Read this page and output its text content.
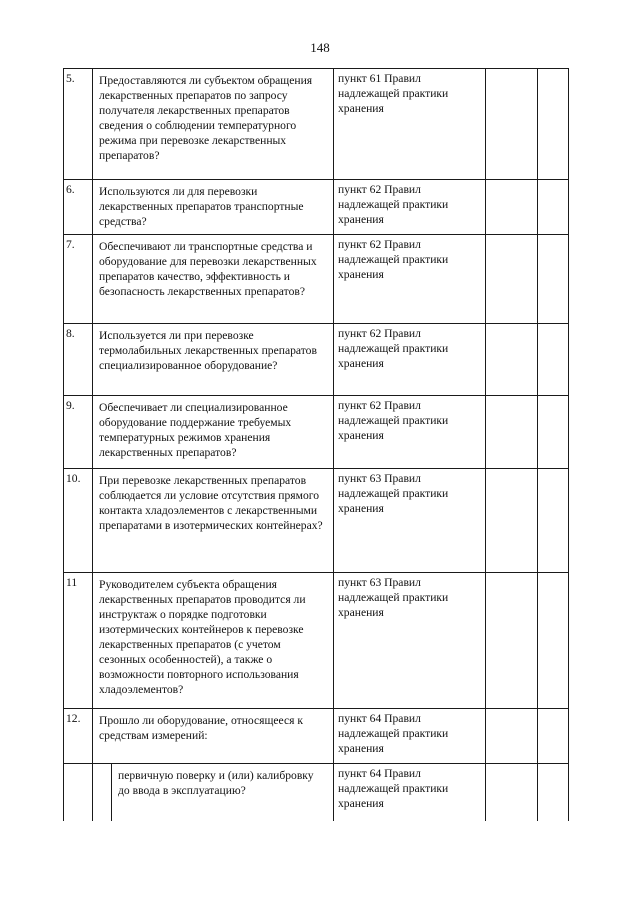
148
5.	Предоставляются ли субъектом обращения лекарственных препаратов по запросу получателя лекарственных препаратов сведения о соблюдении температурного режима при перевозке лекарственных препаратов?	пункт 61 Правил надлежащей практики хранения		
6.	Используются ли для перевозки лекарственных препаратов транспортные средства?	пункт 62 Правил надлежащей практики хранения		
7.	Обеспечивают ли транспортные средства и оборудование для перевозки лекарственных препаратов качество, эффективность и безопасность лекарственных препаратов?	пункт 62 Правил надлежащей практики хранения		
8.	Используется ли при перевозке термолабильных лекарственных препаратов специализированное оборудование?	пункт 62 Правил надлежащей практики хранения		
9.	Обеспечивает ли специализированное оборудование поддержание требуемых температурных режимов хранения лекарственных препаратов?	пункт 62 Правил надлежащей практики хранения		
10.	При перевозке лекарственных препаратов соблюдается ли условие отсутствия прямого контакта хладоэлементов с лекарственными препаратами в изотермических контейнерах?	пункт 63 Правил надлежащей практики хранения		
11	Руководителем субъекта обращения лекарственных препаратов проводится ли инструктаж о порядке подготовки изотермических контейнеров к перевозке лекарственных препаратов (с учетом сезонных особенностей), а также о возможности повторного использования хладоэлементов?	пункт 63 Правил надлежащей практики хранения		
12.	Прошло ли оборудование, относящееся к средствам измерений:	пункт 64 Правил надлежащей практики хранения		

	первичную поверку и (или) калибровку до ввода в эксплуатацию?	пункт 64 Правил надлежащей практики хранения		
